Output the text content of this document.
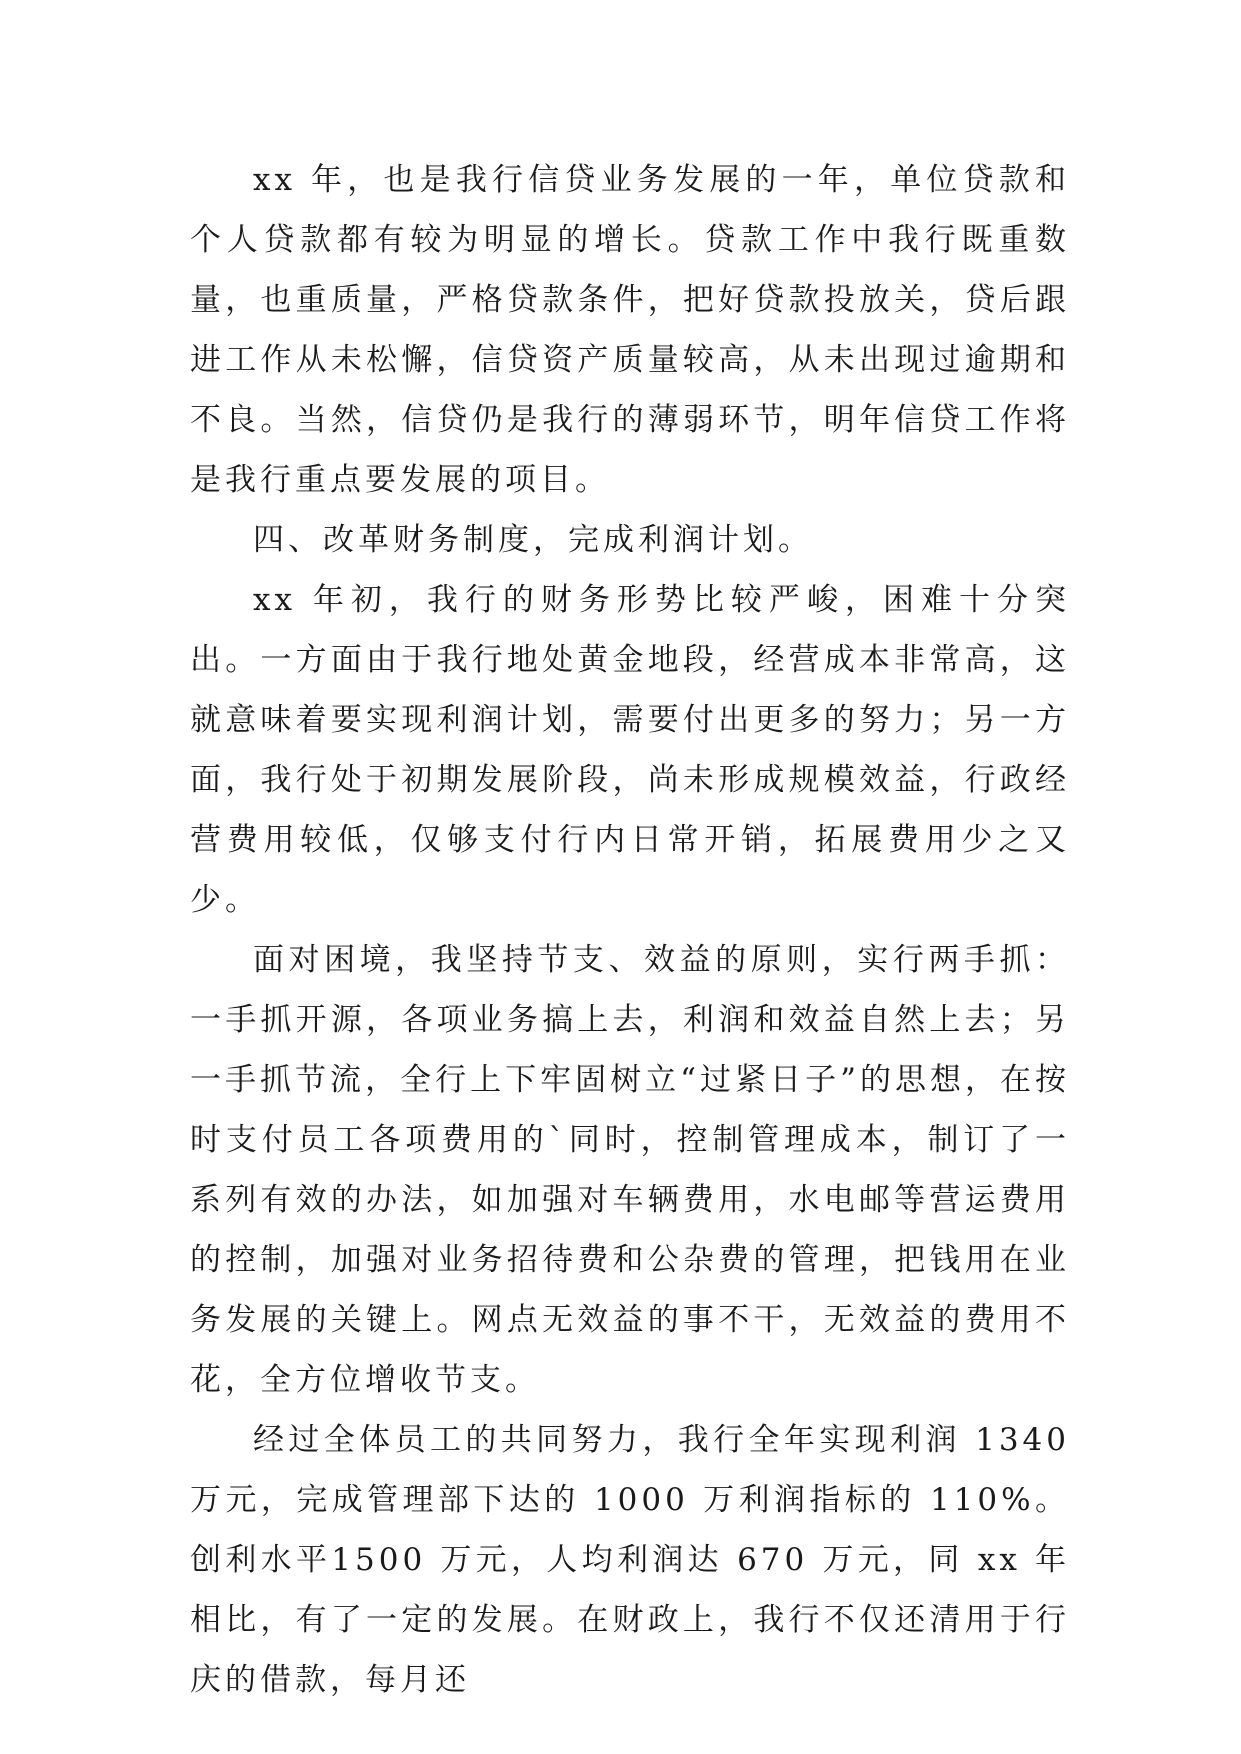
xx 年，也是我行信贷业务发展的一年，单位贷款和个人贷款都有较为明显的增长。贷款工作中我行既重数量，也重质量，严格贷款条件，把好贷款投放关，贷后跟进工作从未松懈，信贷资产质量较高，从未出现过逾期和不良。当然，信贷仍是我行的薄弱环节，明年信贷工作将是我行重点要发展的项目。

四、改革财务制度，完成利润计划。

xx 年初，我行的财务形势比较严峻，困难十分突出。一方面由于我行地处黄金地段，经营成本非常高，这就意味着要实现利润计划，需要付出更多的努力；另一方面，我行处于初期发展阶段，尚未形成规模效益，行政经营费用较低，仅够支付行内日常开销，拓展费用少之又少。

面对困境，我坚持节支、效益的原则，实行两手抓：一手抓开源，各项业务搞上去，利润和效益自然上去；另一手抓节流，全行上下牢固树立“过紧日子”的思想，在按时支付员工各项费用的`同时，控制管理成本，制订了一系列有效的办法，如加强对车辆费用，水电邮等营运费用的控制，加强对业务招待费和公杂费的管理，把钱用在业务发展的关键上。网点无效益的事不干，无效益的费用不花，全方位增收节支。

经过全体员工的共同努力，我行全年实现利润 1340 万元，完成管理部下达的 1000 万利润指标的 110%。创利水平1500 万元，人均利润达 670 万元，同 xx 年相比，有了一定的发展。在财政上，我行不仅还清用于行庆的借款，每月还
